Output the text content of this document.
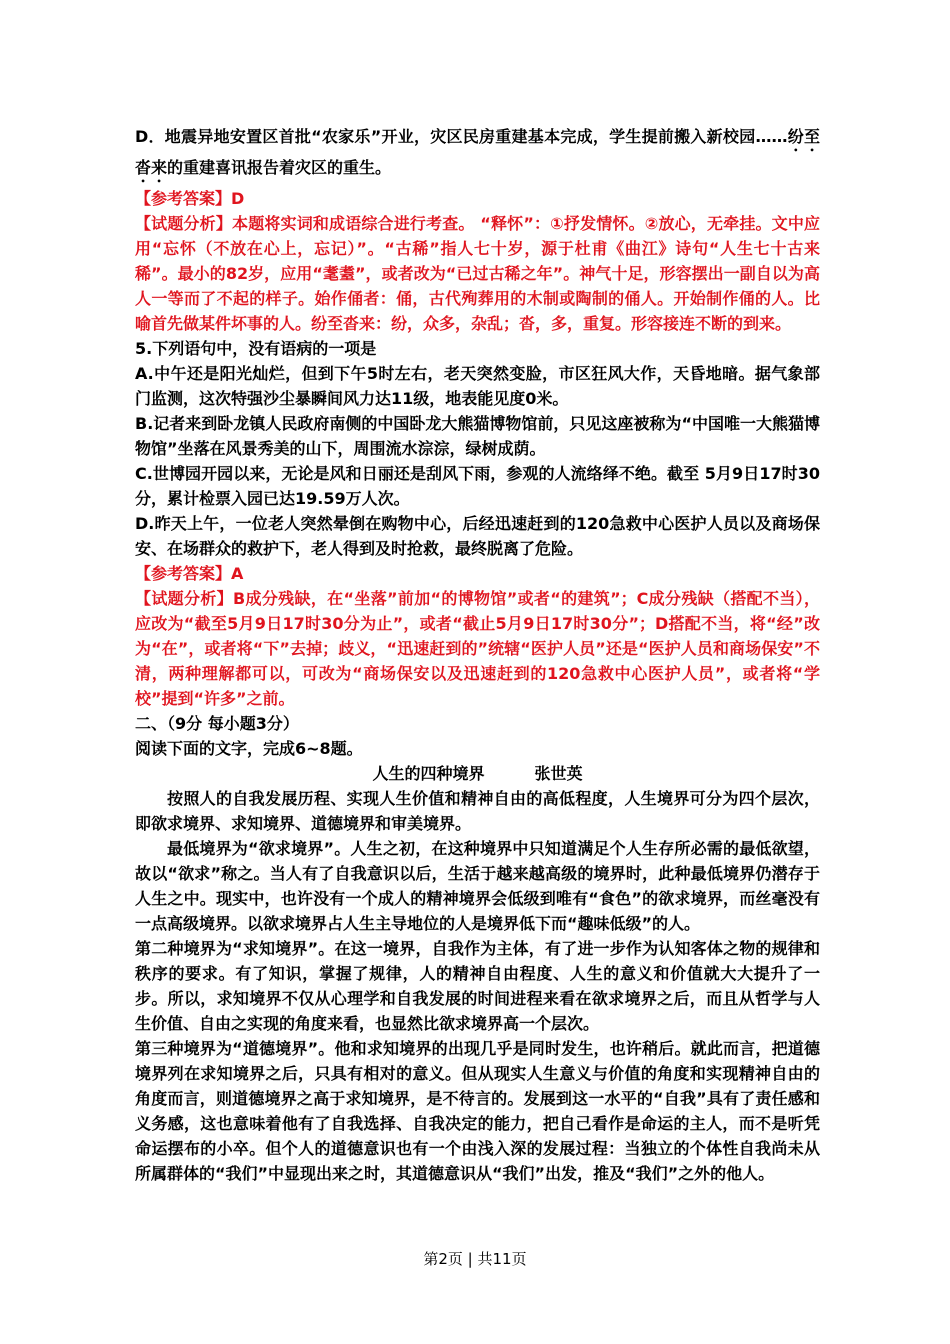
D．地震异地安置区首批“农家乐”开业，灾区民房重建基本完成，学生提前搬入新校园……纷至沓来的重建喜讯报告着灾区的重生。

【参考答案】D

【试题分析】本题将实词和成语综合进行考查。 “释怀”：①抒发情怀。②放心，无牵挂。文中应用“忘怀（不放在心上，忘记）”。“古稀”指人七十岁，源于杜甫《曲江》诗句“人生七十古来稀”。最小的82岁，应用“耄耋”，或者改为“已过古稀之年”。神气十足，形容摆出一副自以为高人一等而了不起的样子。始作俑者：俑，古代殉葬用的木制或陶制的俑人。开始制作俑的人。比喻首先做某件坏事的人。纷至沓来：纷，众多，杂乱；沓，多，重复。形容接连不断的到来。

5.下列语句中，没有语病的一项是

A.中午还是阳光灿烂，但到下午5时左右，老天突然变脸，市区狂风大作，天昏地暗。据气象部门监测，这次特强沙尘暴瞬间风力达11级，地表能见度0米。

B.记者来到卧龙镇人民政府南侧的中国卧龙大熊猫博物馆前，只见这座被称为“中国唯一大熊猫博物馆”坐落在风景秀美的山下，周围流水淙淙，绿树成荫。

C.世博园开园以来，无论是风和日丽还是刮风下雨，参观的人流络绎不绝。截至 5月9日17时30分，累计检票入园已达19.59万人次。

D.昨天上午，一位老人突然晕倒在购物中心，后经迅速赶到的120急救中心医护人员以及商场保安、在场群众的救护下，老人得到及时抢救，最终脱离了危险。

【参考答案】A

【试题分析】B成分残缺，在“坐落”前加“的博物馆”或者“的建筑”；C成分残缺（搭配不当），应改为“截至5月9日17时30分为止”，或者“截止5月9日17时30分”；D搭配不当，将“经”改为“在”，或者将“下”去掉；歧义，“迅速赶到的”统辖“医护人员”还是“医护人员和商场保安”不清，两种理解都可以，可改为“商场保安以及迅速赶到的120急救中心医护人员”，或者将“学校”提到“许多”之前。

二、（9分 每小题3分）

阅读下面的文字，完成6~8题。

人生的四种境界	张世英

按照人的自我发展历程、实现人生价值和精神自由的高低程度，人生境界可分为四个层次，即欲求境界、求知境界、道德境界和审美境界。

最低境界为“欲求境界”。人生之初，在这种境界中只知道满足个人生存所必需的最低欲望，故以“欲求”称之。当人有了自我意识以后，生活于越来越高级的境界时，此种最低境界仍潜存于人生之中。现实中，也许没有一个成人的精神境界会低级到唯有“食色”的欲求境界，而丝毫没有一点高级境界。以欲求境界占人生主导地位的人是境界低下而“趣味低级”的人。

第二种境界为“求知境界”。在这一境界，自我作为主体，有了进一步作为认知客体之物的规律和秩序的要求。有了知识，掌握了规律，人的精神自由程度、人生的意义和价值就大大提升了一步。所以，求知境界不仅从心理学和自我发展的时间进程来看在欲求境界之后，而且从哲学与人生价值、自由之实现的角度来看，也显然比欲求境界高一个层次。

第三种境界为“道德境界”。他和求知境界的出现几乎是同时发生，也许稍后。就此而言，把道德境界列在求知境界之后，只具有相对的意义。但从现实人生意义与价值的角度和实现精神自由的角度而言，则道德境界之高于求知境界，是不待言的。发展到这一水平的“自我”具有了责任感和义务感，这也意味着他有了自我选择、自我决定的能力，把自己看作是命运的主人，而不是听凭命运摆布的小卒。但个人的道德意识也有一个由浅入深的发展过程：当独立的个体性自我尚未从所属群体的“我们”中显现出来之时，其道德意识从“我们”出发，推及“我们”之外的他人。

第2页 | 共11页
